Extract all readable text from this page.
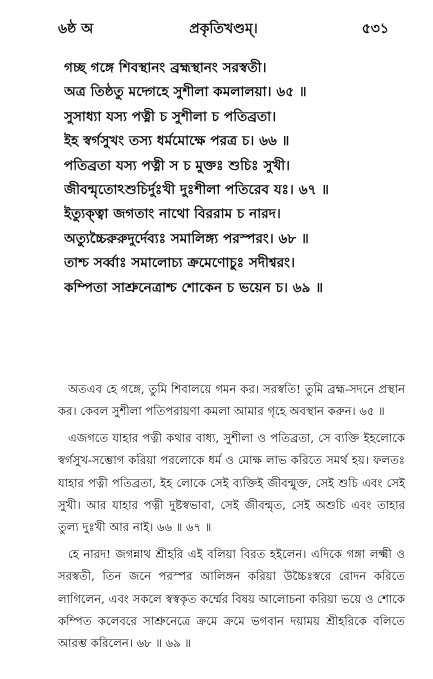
৬ষ্ঠ অ	প্রকৃতিখণ্ডম্‌।	৫৩১
গচ্ছ গঙ্গে শিবস্থানং ব্রহ্মস্থানং সরস্বতী।
অত্র তিষ্ঠতু মদ্গেহে সুশীলা কমলালয়া। ৬৫ ॥
সুসাধ্যা যস্য পত্নী চ সুশীলা চ পতিব্রতা।
ইহ স্বর্গসুখং তস্য ধর্মমোক্ষে পরত্র চ। ৬৬ ॥
পতিব্রতা যস্য পত্নী স চ মুক্তঃ শুচিঃ সুখী।
জীবন্মৃতোঽশুচির্দুঃখী দুঃশীলা পতিরেব যঃ। ৬৭ ॥
ইত্যুক্ত্বা জগতাং নাথো বিররাম চ নারদ।
অত্যুচ্চৈরুরুদুর্দেব্যঃ সমালিঙ্গ্য পরস্পরং। ৬৮ ॥
তাশ্চ সর্ব্বাঃ সমালোচ্য ক্রমেণোচুঃ সদীশ্বরং।
কম্পিতা সাশ্রুনেত্রাশ্চ শোকেন চ ভয়েন চ। ৬৯ ॥

অতএব হে গঙ্গে, তুমি শিবালয়ে গমন কর। সরস্বতি! তুমি ব্রহ্ম-সদনে প্রস্থান কর। কেবল সুশীলা পতিপরায়ণা কমলা আমার গৃহে অবস্থান করুন। ৬৫ ॥

এজগতে যাহার পত্নী কথার বাধ্য, সুশীলা ও পতিব্রতা, সে ব্যক্তি ইহলোকে স্বর্গসুখ-সম্ভোগ করিয়া পরলোকে ধর্ম ও মোক্ষ লাভ করিতে সমর্থ হয়। ফলতঃ যাহার পত্নী পতিব্রতা, ইহ লোকে সেই ব্যক্তিই জীবন্মুক্ত, সেই শুচি এবং সেই সুখী। আর যাহার পত্নী দুষ্টস্বভাবা, সেই জীবন্মৃত, সেই অশুচি এবং তাহার তুল্য দুঃখী আর নাই। ৬৬ ॥ ৬৭ ॥

হে নারদ! জগন্নাথ শ্রীহরি এই বলিয়া বিরত হইলেন। এদিকে গঙ্গা লক্ষ্মী ও সরস্বতী, তিন জনে পরস্পর আলিঙ্গন করিয়া উচ্চৈঃস্বরে রোদন করিতে লাগিলেন, এবং সকলে স্বস্বকৃত কর্ম্মের বিষয় আলোচনা করিয়া ভয়ে ও শোকে কম্পিত কলেবরে সাশ্রুনেত্রে ক্রমে ক্রমে ভগবান দয়াময় শ্রীহরিকে বলিতে আরম্ভ করিলেন। ৬৮ ॥ ৬৯ ॥
